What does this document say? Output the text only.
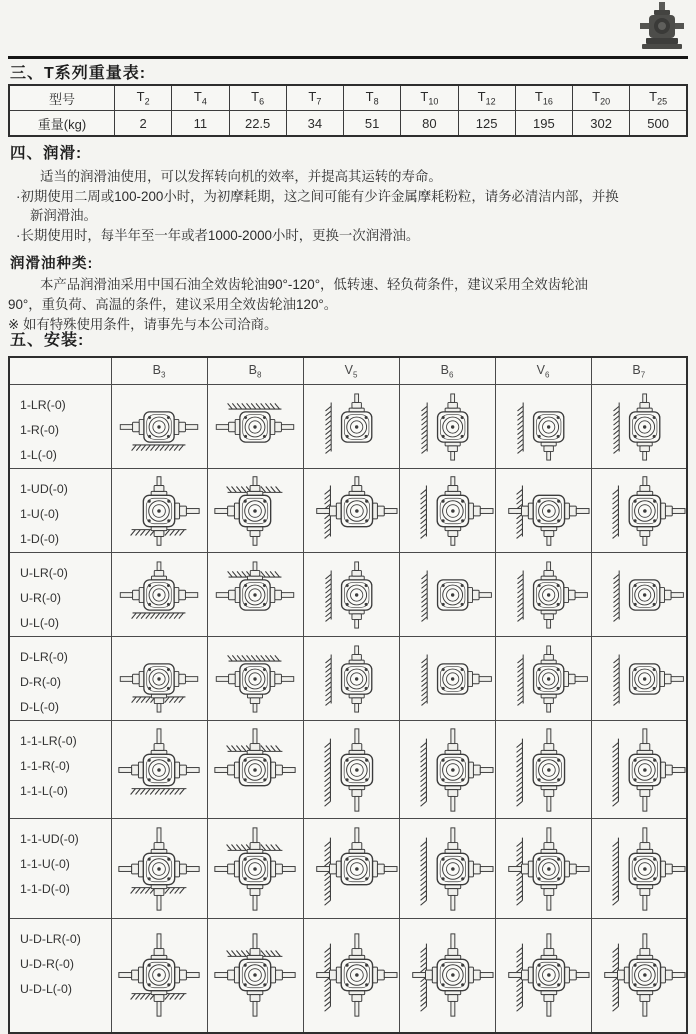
三、T系列重量表:
型号	$T_2$	$T_4$	$T_6$	$T_7$	$T_8$	$T_{10}$	$T_{12}$	$T_{16}$	$T_{20}$	$T_{25}$
重量(kg)	2	11	22.5	34	51	80	125	195	302	500
四、润滑:

适当的润滑油使用，可以发挥转向机的效率，并提高其运转的寿命。

·初期使用二周或100-200小时，为初摩耗期，这之间可能有少许金属摩耗粉粒，请务必清洁内部，并换

新润滑油。

·长期使用时，每半年至一年或者1000-2000小时，更换一次润滑油。

润滑油种类:

本产品润滑油采用中国石油全效齿轮油90°-120°，低转速、轻负荷条件，建议采用全效齿轮油

90°，重负荷、高温的条件，建议采用全效齿轮油120°。

※ 如有特殊使用条件，请事先与本公司洽商。

五、安装:
	$B_3$	$B_8$	$V_5$	$B_6$	$V_6$	$B_7$

1-LR(-0)
1-R(-0)
1-L(-0)

1-UD(-0)
1-U(-0)
1-D(-0)

U-LR(-0)
U-R(-0)
U-L(-0)

D-LR(-0)
D-R(-0)
D-L(-0)

1-1-LR(-0)
1-1-R(-0)
1-1-L(-0)

1-1-UD(-0)
1-1-U(-0)
1-1-D(-0)

U-D-LR(-0)
U-D-R(-0)
U-D-L(-0)
